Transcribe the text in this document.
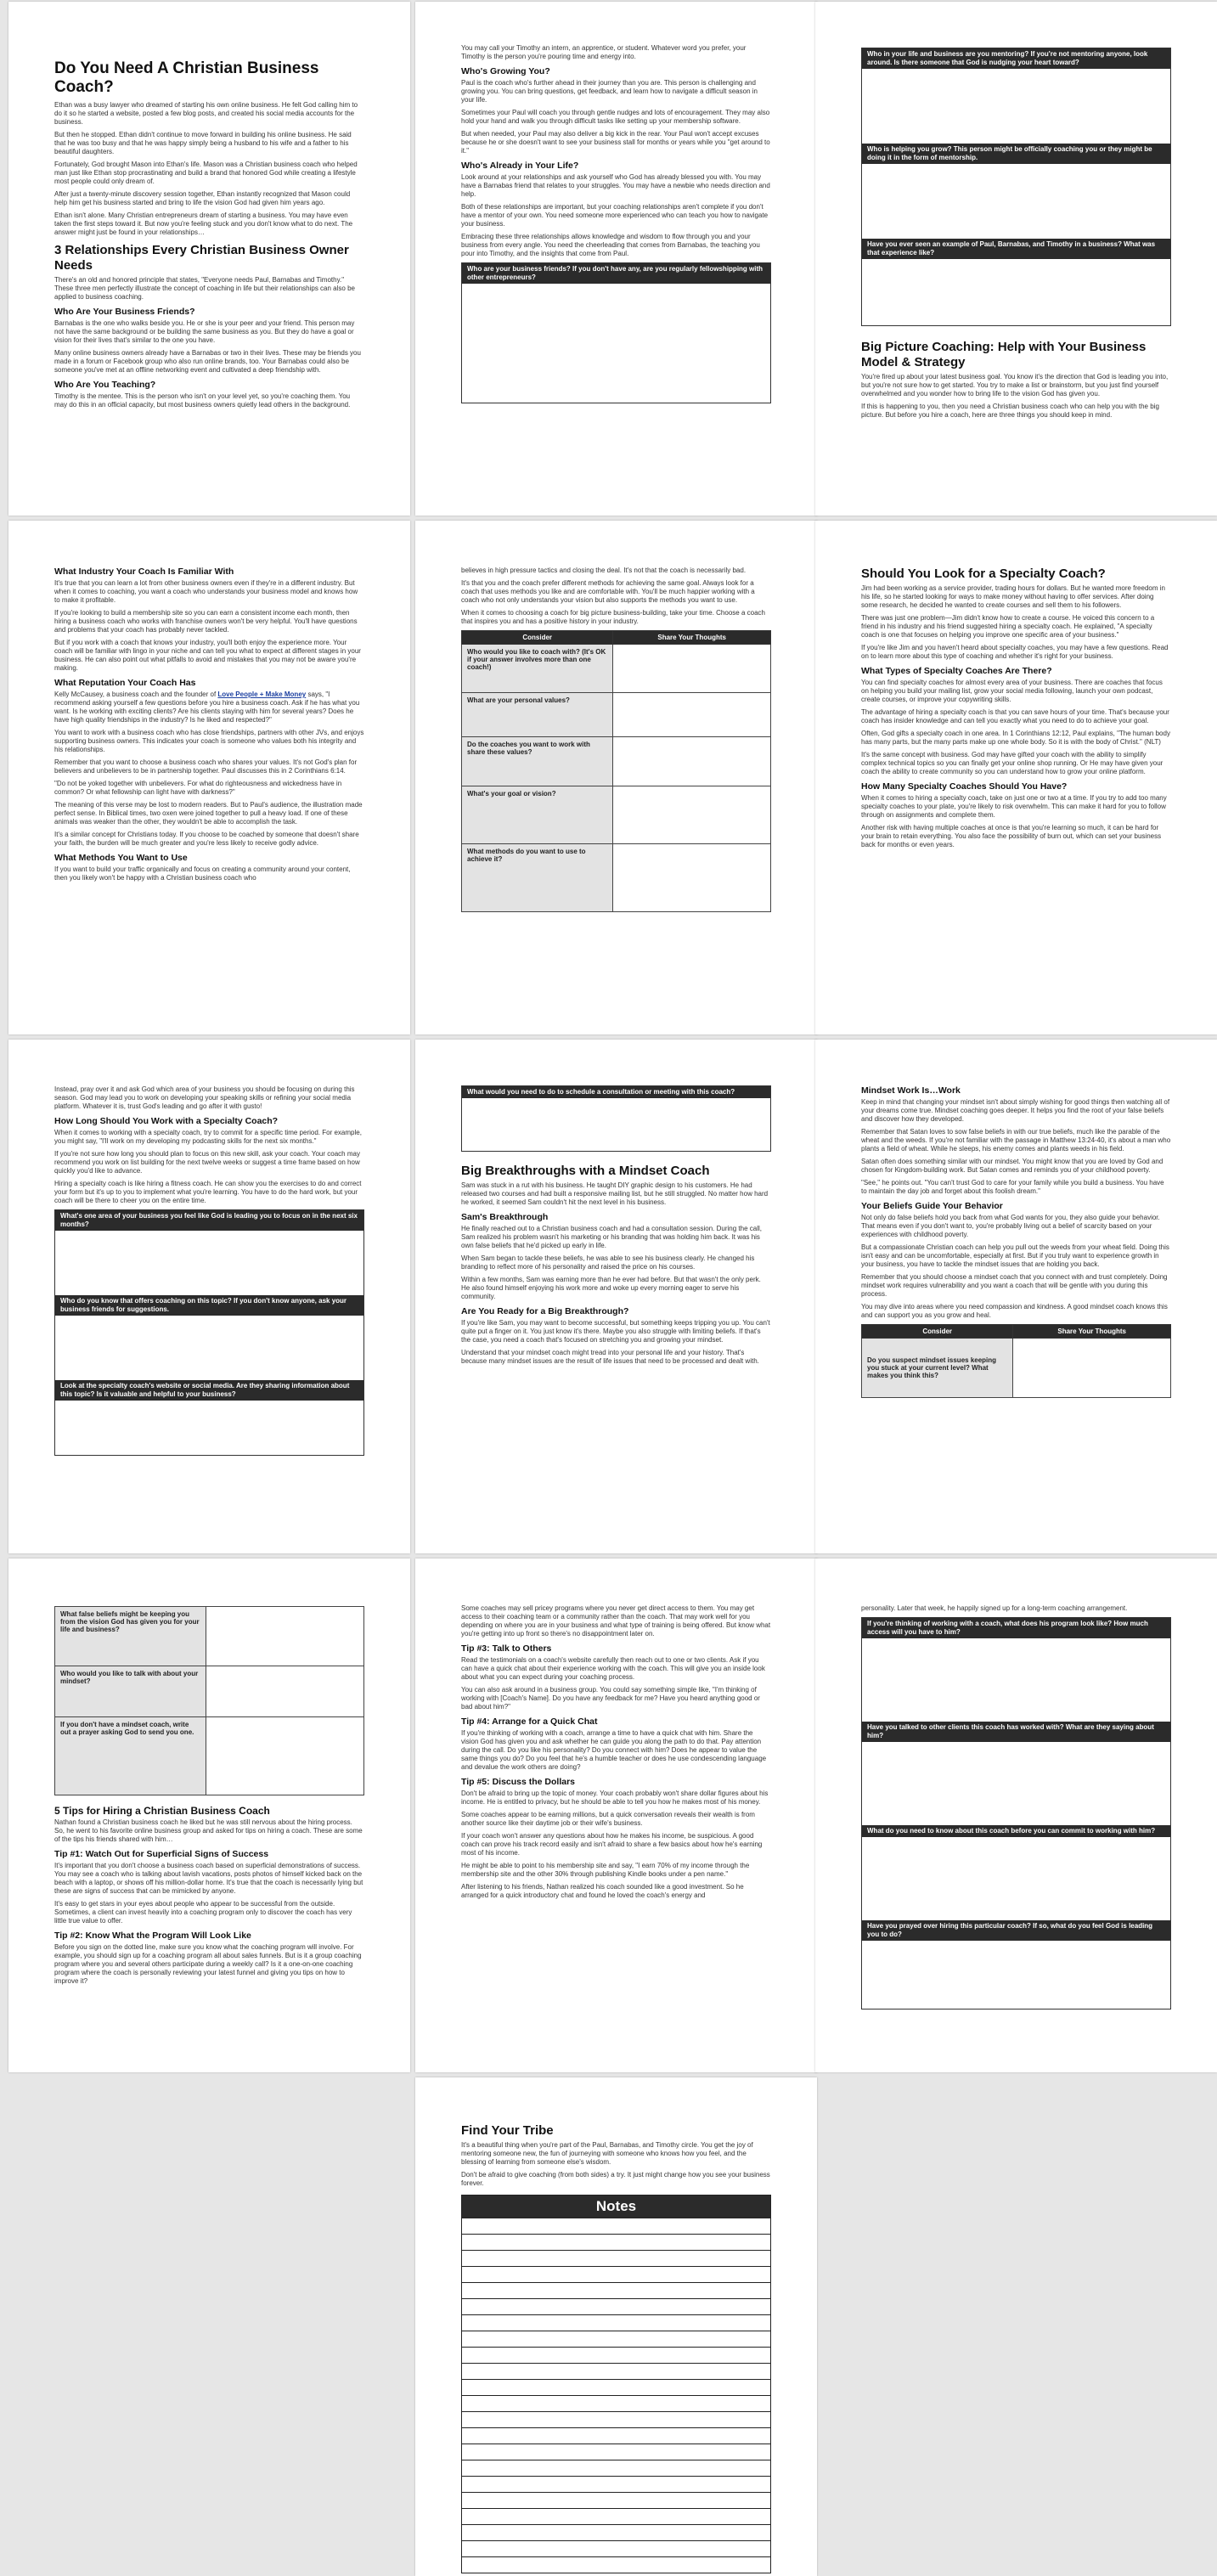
Do You Need A Christian Business Coach?

Ethan was a busy lawyer who dreamed of starting his own online business. He felt God calling him to do it so he started a website, posted a few blog posts, and created his social media accounts for the business.

But then he stopped. Ethan didn't continue to move forward in building his online business. He said that he was too busy and that he was happy simply being a husband to his wife and a father to his beautiful daughters.

Fortunately, God brought Mason into Ethan's life. Mason was a Christian business coach who helped man just like Ethan stop procrastinating and build a brand that honored God while creating a lifestyle most people could only dream of.

After just a twenty-minute discovery session together, Ethan instantly recognized that Mason could help him get his business started and bring to life the vision God had given him years ago.

Ethan isn't alone. Many Christian entrepreneurs dream of starting a business. You may have even taken the first steps toward it. But now you're feeling stuck and you don't know what to do next. The answer might just be found in your relationships…

3 Relationships Every Christian Business Owner Needs

There's an old and honored principle that states, "Everyone needs Paul, Barnabas and Timothy." These three men perfectly illustrate the concept of coaching in life but their relationships can also be applied to business coaching.

Who Are Your Business Friends?

Barnabas is the one who walks beside you. He or she is your peer and your friend. This person may not have the same background or be building the same business as you. But they do have a goal or vision for their lives that's similar to the one you have.

Many online business owners already have a Barnabas or two in their lives. These may be friends you made in a forum or Facebook group who also run online brands, too. Your Barnabas could also be someone you've met at an offline networking event and cultivated a deep friendship with.

Who Are You Teaching?

Timothy is the mentee. This is the person who isn't on your level yet, so you're coaching them. You may do this in an official capacity, but most business owners quietly lead others in the background.

You may call your Timothy an intern, an apprentice, or student. Whatever word you prefer, your Timothy is the person you're pouring time and energy into.

Who's Growing You?

Paul is the coach who's further ahead in their journey than you are. This person is challenging and growing you. You can bring questions, get feedback, and learn how to navigate a difficult season in your life.

Sometimes your Paul will coach you through gentle nudges and lots of encouragement. They may also hold your hand and walk you through difficult tasks like setting up your membership software.

But when needed, your Paul may also deliver a big kick in the rear. Your Paul won't accept excuses because he or she doesn't want to see your business stall for months or years while you "get around to it."

Who's Already in Your Life?

Look around at your relationships and ask yourself who God has already blessed you with. You may have a Barnabas friend that relates to your struggles. You may have a newbie who needs direction and help.

Both of these relationships are important, but your coaching relationships aren't complete if you don't have a mentor of your own. You need someone more experienced who can teach you how to navigate your business.

Embracing these three relationships allows knowledge and wisdom to flow through you and your business from every angle. You need the cheerleading that comes from Barnabas, the teaching you pour into Timothy, and the insights that come from Paul.

Who are your business friends? If you don't have any, are you regularly fellowshipping with other entrepreneurs?
Who in your life and business are you mentoring? If you're not mentoring anyone, look around. Is there someone that God is nudging your heart toward?
Who is helping you grow? This person might be officially coaching you or they might be doing it in the form of mentorship.
Have you ever seen an example of Paul, Barnabas, and Timothy in a business? What was that experience like?
Big Picture Coaching: Help with Your Business Model & Strategy

You're fired up about your latest business goal. You know it's the direction that God is leading you into, but you're not sure how to get started. You try to make a list or brainstorm, but you just find yourself overwhelmed and you wonder how to bring life to the vision God has given you.

If this is happening to you, then you need a Christian business coach who can help you with the big picture. But before you hire a coach, here are three things you should keep in mind.

What Industry Your Coach Is Familiar With

It's true that you can learn a lot from other business owners even if they're in a different industry. But when it comes to coaching, you want a coach who understands your business model and knows how to make it profitable.

If you're looking to build a membership site so you can earn a consistent income each month, then hiring a business coach who works with franchise owners won't be very helpful. You'll have questions and problems that your coach has probably never tackled.

But if you work with a coach that knows your industry, you'll both enjoy the experience more. Your coach will be familiar with lingo in your niche and can tell you what to expect at different stages in your business. He can also point out what pitfalls to avoid and mistakes that you may not be aware you're making.

What Reputation Your Coach Has

Kelly McCausey, a business coach and the founder of Love People + Make Money says, "I recommend asking yourself a few questions before you hire a business coach. Ask if he has what you want. Is he working with exciting clients? Are his clients staying with him for several years? Does he have high quality friendships in the industry? Is he liked and respected?"

You want to work with a business coach who has close friendships, partners with other JVs, and enjoys supporting business owners. This indicates your coach is someone who values both his integrity and his relationships.

Remember that you want to choose a business coach who shares your values. It's not God's plan for believers and unbelievers to be in partnership together. Paul discusses this in 2 Corinthians 6:14.

"Do not be yoked together with unbelievers. For what do righteousness and wickedness have in common? Or what fellowship can light have with darkness?"

The meaning of this verse may be lost to modern readers. But to Paul's audience, the illustration made perfect sense. In Biblical times, two oxen were joined together to pull a heavy load. If one of these animals was weaker than the other, they wouldn't be able to accomplish the task.

It's a similar concept for Christians today. If you choose to be coached by someone that doesn't share your faith, the burden will be much greater and you're less likely to receive godly advice.

What Methods You Want to Use

If you want to build your traffic organically and focus on creating a community around your content, then you likely won't be happy with a Christian business coach who

believes in high pressure tactics and closing the deal. It's not that the coach is necessarily bad.

It's that you and the coach prefer different methods for achieving the same goal. Always look for a coach that uses methods you like and are comfortable with. You'll be much happier working with a coach who not only understands your vision but also supports the methods you want to use.

When it comes to choosing a coach for big picture business-building, take your time. Choose a coach that inspires you and has a positive history in your industry.

Consider	Share Your Thoughts
Who would you like to coach with? (It's OK if your answer involves more than one coach!)	
What are your personal values?	
Do the coaches you want to work with share these values?	
What's your goal or vision?	
What methods do you want to use to achieve it?	
Should You Look for a Specialty Coach?

Jim had been working as a service provider, trading hours for dollars. But he wanted more freedom in his life, so he started looking for ways to make money without having to offer services. After doing some research, he decided he wanted to create courses and sell them to his followers.

There was just one problem—Jim didn't know how to create a course. He voiced this concern to a friend in his industry and his friend suggested hiring a specialty coach. He explained, "A specialty coach is one that focuses on helping you improve one specific area of your business."

If you're like Jim and you haven't heard about specialty coaches, you may have a few questions. Read on to learn more about this type of coaching and whether it's right for your business.

What Types of Specialty Coaches Are There?

You can find specialty coaches for almost every area of your business. There are coaches that focus on helping you build your mailing list, grow your social media following, launch your own podcast, create courses, or improve your copywriting skills.

The advantage of hiring a specialty coach is that you can save hours of your time. That's because your coach has insider knowledge and can tell you exactly what you need to do to achieve your goal.

Often, God gifts a specialty coach in one area. In 1 Corinthians 12:12, Paul explains, "The human body has many parts, but the many parts make up one whole body. So it is with the body of Christ." (NLT)

It's the same concept with business. God may have gifted your coach with the ability to simplify complex technical topics so you can finally get your online shop running. Or He may have given your coach the ability to create community so you can understand how to grow your online platform.

How Many Specialty Coaches Should You Have?

When it comes to hiring a specialty coach, take on just one or two at a time. If you try to add too many specialty coaches to your plate, you're likely to risk overwhelm. This can make it hard for you to follow through on assignments and complete them.

Another risk with having multiple coaches at once is that you're learning so much, it can be hard for your brain to retain everything. You also face the possibility of burn out, which can set your business back for months or even years.

Instead, pray over it and ask God which area of your business you should be focusing on during this season. God may lead you to work on developing your speaking skills or refining your social media platform. Whatever it is, trust God's leading and go after it with gusto!

How Long Should You Work with a Specialty Coach?

When it comes to working with a specialty coach, try to commit for a specific time period. For example, you might say, "I'll work on my developing my podcasting skills for the next six months."

If you're not sure how long you should plan to focus on this new skill, ask your coach. Your coach may recommend you work on list building for the next twelve weeks or suggest a time frame based on how quickly you'd like to advance.

Hiring a specialty coach is like hiring a fitness coach. He can show you the exercises to do and correct your form but it's up to you to implement what you're learning. You have to do the hard work, but your coach will be there to cheer you on the entire time.

What's one area of your business you feel like God is leading you to focus on in the next six months?
Who do you know that offers coaching on this topic? If you don't know anyone, ask your business friends for suggestions.
Look at the specialty coach's website or social media. Are they sharing information about this topic? Is it valuable and helpful to your business?
What would you need to do to schedule a consultation or meeting with this coach?
Big Breakthroughs with a Mindset Coach

Sam was stuck in a rut with his business. He taught DIY graphic design to his customers. He had released two courses and had built a responsive mailing list, but he still struggled. No matter how hard he worked, it seemed Sam couldn't hit the next level in his business.

Sam's Breakthrough

He finally reached out to a Christian business coach and had a consultation session. During the call, Sam realized his problem wasn't his marketing or his branding that was holding him back. It was his own false beliefs that he'd picked up early in life.

When Sam began to tackle these beliefs, he was able to see his business clearly. He changed his branding to reflect more of his personality and raised the price on his courses.

Within a few months, Sam was earning more than he ever had before. But that wasn't the only perk. He also found himself enjoying his work more and woke up every morning eager to serve his community.

Are You Ready for a Big Breakthrough?

If you're like Sam, you may want to become successful, but something keeps tripping you up. You can't quite put a finger on it. You just know it's there. Maybe you also struggle with limiting beliefs. If that's the case, you need a coach that's focused on stretching you and growing your mindset.

Understand that your mindset coach might tread into your personal life and your history. That's because many mindset issues are the result of life issues that need to be processed and dealt with.

Mindset Work Is…Work

Keep in mind that changing your mindset isn't about simply wishing for good things then watching all of your dreams come true. Mindset coaching goes deeper. It helps you find the root of your false beliefs and discover how they developed.

Remember that Satan loves to sow false beliefs in with our true beliefs, much like the parable of the wheat and the weeds. If you're not familiar with the passage in Matthew 13:24-40, it's about a man who plants a field of wheat. While he sleeps, his enemy comes and plants weeds in his field.

Satan often does something similar with our mindset. You might know that you are loved by God and chosen for Kingdom-building work. But Satan comes and reminds you of your childhood poverty.

"See," he points out. "You can't trust God to care for your family while you build a business. You have to maintain the day job and forget about this foolish dream."

Your Beliefs Guide Your Behavior

Not only do false beliefs hold you back from what God wants for you, they also guide your behavior. That means even if you don't want to, you're probably living out a belief of scarcity based on your experiences with childhood poverty.

But a compassionate Christian coach can help you pull out the weeds from your wheat field. Doing this isn't easy and can be uncomfortable, especially at first. But if you truly want to experience growth in your business, you have to tackle the mindset issues that are holding you back.

Remember that you should choose a mindset coach that you connect with and trust completely. Doing mindset work requires vulnerability and you want a coach that will be gentle with you during this process.

You may dive into areas where you need compassion and kindness. A good mindset coach knows this and can support you as you grow and heal.

Consider	Share Your Thoughts
Do you suspect mindset issues keeping you stuck at your current level? What makes you think this?	
What false beliefs might be keeping you from the vision God has given you for your life and business?	
Who would you like to talk with about your mindset?	
If you don't have a mindset coach, write out a prayer asking God to send you one.	
5 Tips for Hiring a Christian Business Coach

Nathan found a Christian business coach he liked but he was still nervous about the hiring process. So, he went to his favorite online business group and asked for tips on hiring a coach. These are some of the tips his friends shared with him…

Tip #1: Watch Out for Superficial Signs of Success

It's important that you don't choose a business coach based on superficial demonstrations of success. You may see a coach who is talking about lavish vacations, posts photos of himself kicked back on the beach with a laptop, or shows off his million-dollar home. It's true that the coach is necessarily lying but these are signs of success that can be mimicked by anyone.

It's easy to get stars in your eyes about people who appear to be successful from the outside. Sometimes, a client can invest heavily into a coaching program only to discover the coach has very little true value to offer.

Tip #2: Know What the Program Will Look Like

Before you sign on the dotted line, make sure you know what the coaching program will involve. For example, you should sign up for a coaching program all about sales funnels. But is it a group coaching program where you and several others participate during a weekly call? Is it a one-on-one coaching program where the coach is personally reviewing your latest funnel and giving you tips on how to improve it?

Some coaches may sell pricey programs where you never get direct access to them. You may get access to their coaching team or a community rather than the coach. That may work well for you depending on where you are in your business and what type of training is being offered. But know what you're getting into up front so there's no disappointment later on.

Tip #3: Talk to Others

Read the testimonials on a coach's website carefully then reach out to one or two clients. Ask if you can have a quick chat about their experience working with the coach. This will give you an inside look about what you can expect during your coaching process.

You can also ask around in a business group. You could say something simple like, "I'm thinking of working with [Coach's Name]. Do you have any feedback for me? Have you heard anything good or bad about him?"

Tip #4: Arrange for a Quick Chat

If you're thinking of working with a coach, arrange a time to have a quick chat with him. Share the vision God has given you and ask whether he can guide you along the path to do that. Pay attention during the call. Do you like his personality? Do you connect with him? Does he appear to value the same things you do? Do you feel that he's a humble teacher or does he use condescending language and devalue the work others are doing?

Tip #5: Discuss the Dollars

Don't be afraid to bring up the topic of money. Your coach probably won't share dollar figures about his income. He is entitled to privacy, but he should be able to tell you how he makes most of his money.

Some coaches appear to be earning millions, but a quick conversation reveals their wealth is from another source like their daytime job or their wife's business.

If your coach won't answer any questions about how he makes his income, be suspicious. A good coach can prove his track record easily and isn't afraid to share a few basics about how he's earning most of his income.

He might be able to point to his membership site and say, "I earn 70% of my income through the membership site and the other 30% through publishing Kindle books under a pen name."

After listening to his friends, Nathan realized his coach sounded like a good investment. So he arranged for a quick introductory chat and found he loved the coach's energy and

personality. Later that week, he happily signed up for a long-term coaching arrangement.

If you're thinking of working with a coach, what does his program look like? How much access will you have to him?
Have you talked to other clients this coach has worked with? What are they saying about him?
What do you need to know about this coach before you can commit to working with him?
Have you prayed over hiring this particular coach? If so, what do you feel God is leading you to do?
Find Your Tribe

It's a beautiful thing when you're part of the Paul, Barnabas, and Timothy circle. You get the joy of mentoring someone new, the fun of journeying with someone who knows how you feel, and the blessing of learning from someone else's wisdom.

Don't be afraid to give coaching (from both sides) a try. It just might change how you see your business forever.

Notes
